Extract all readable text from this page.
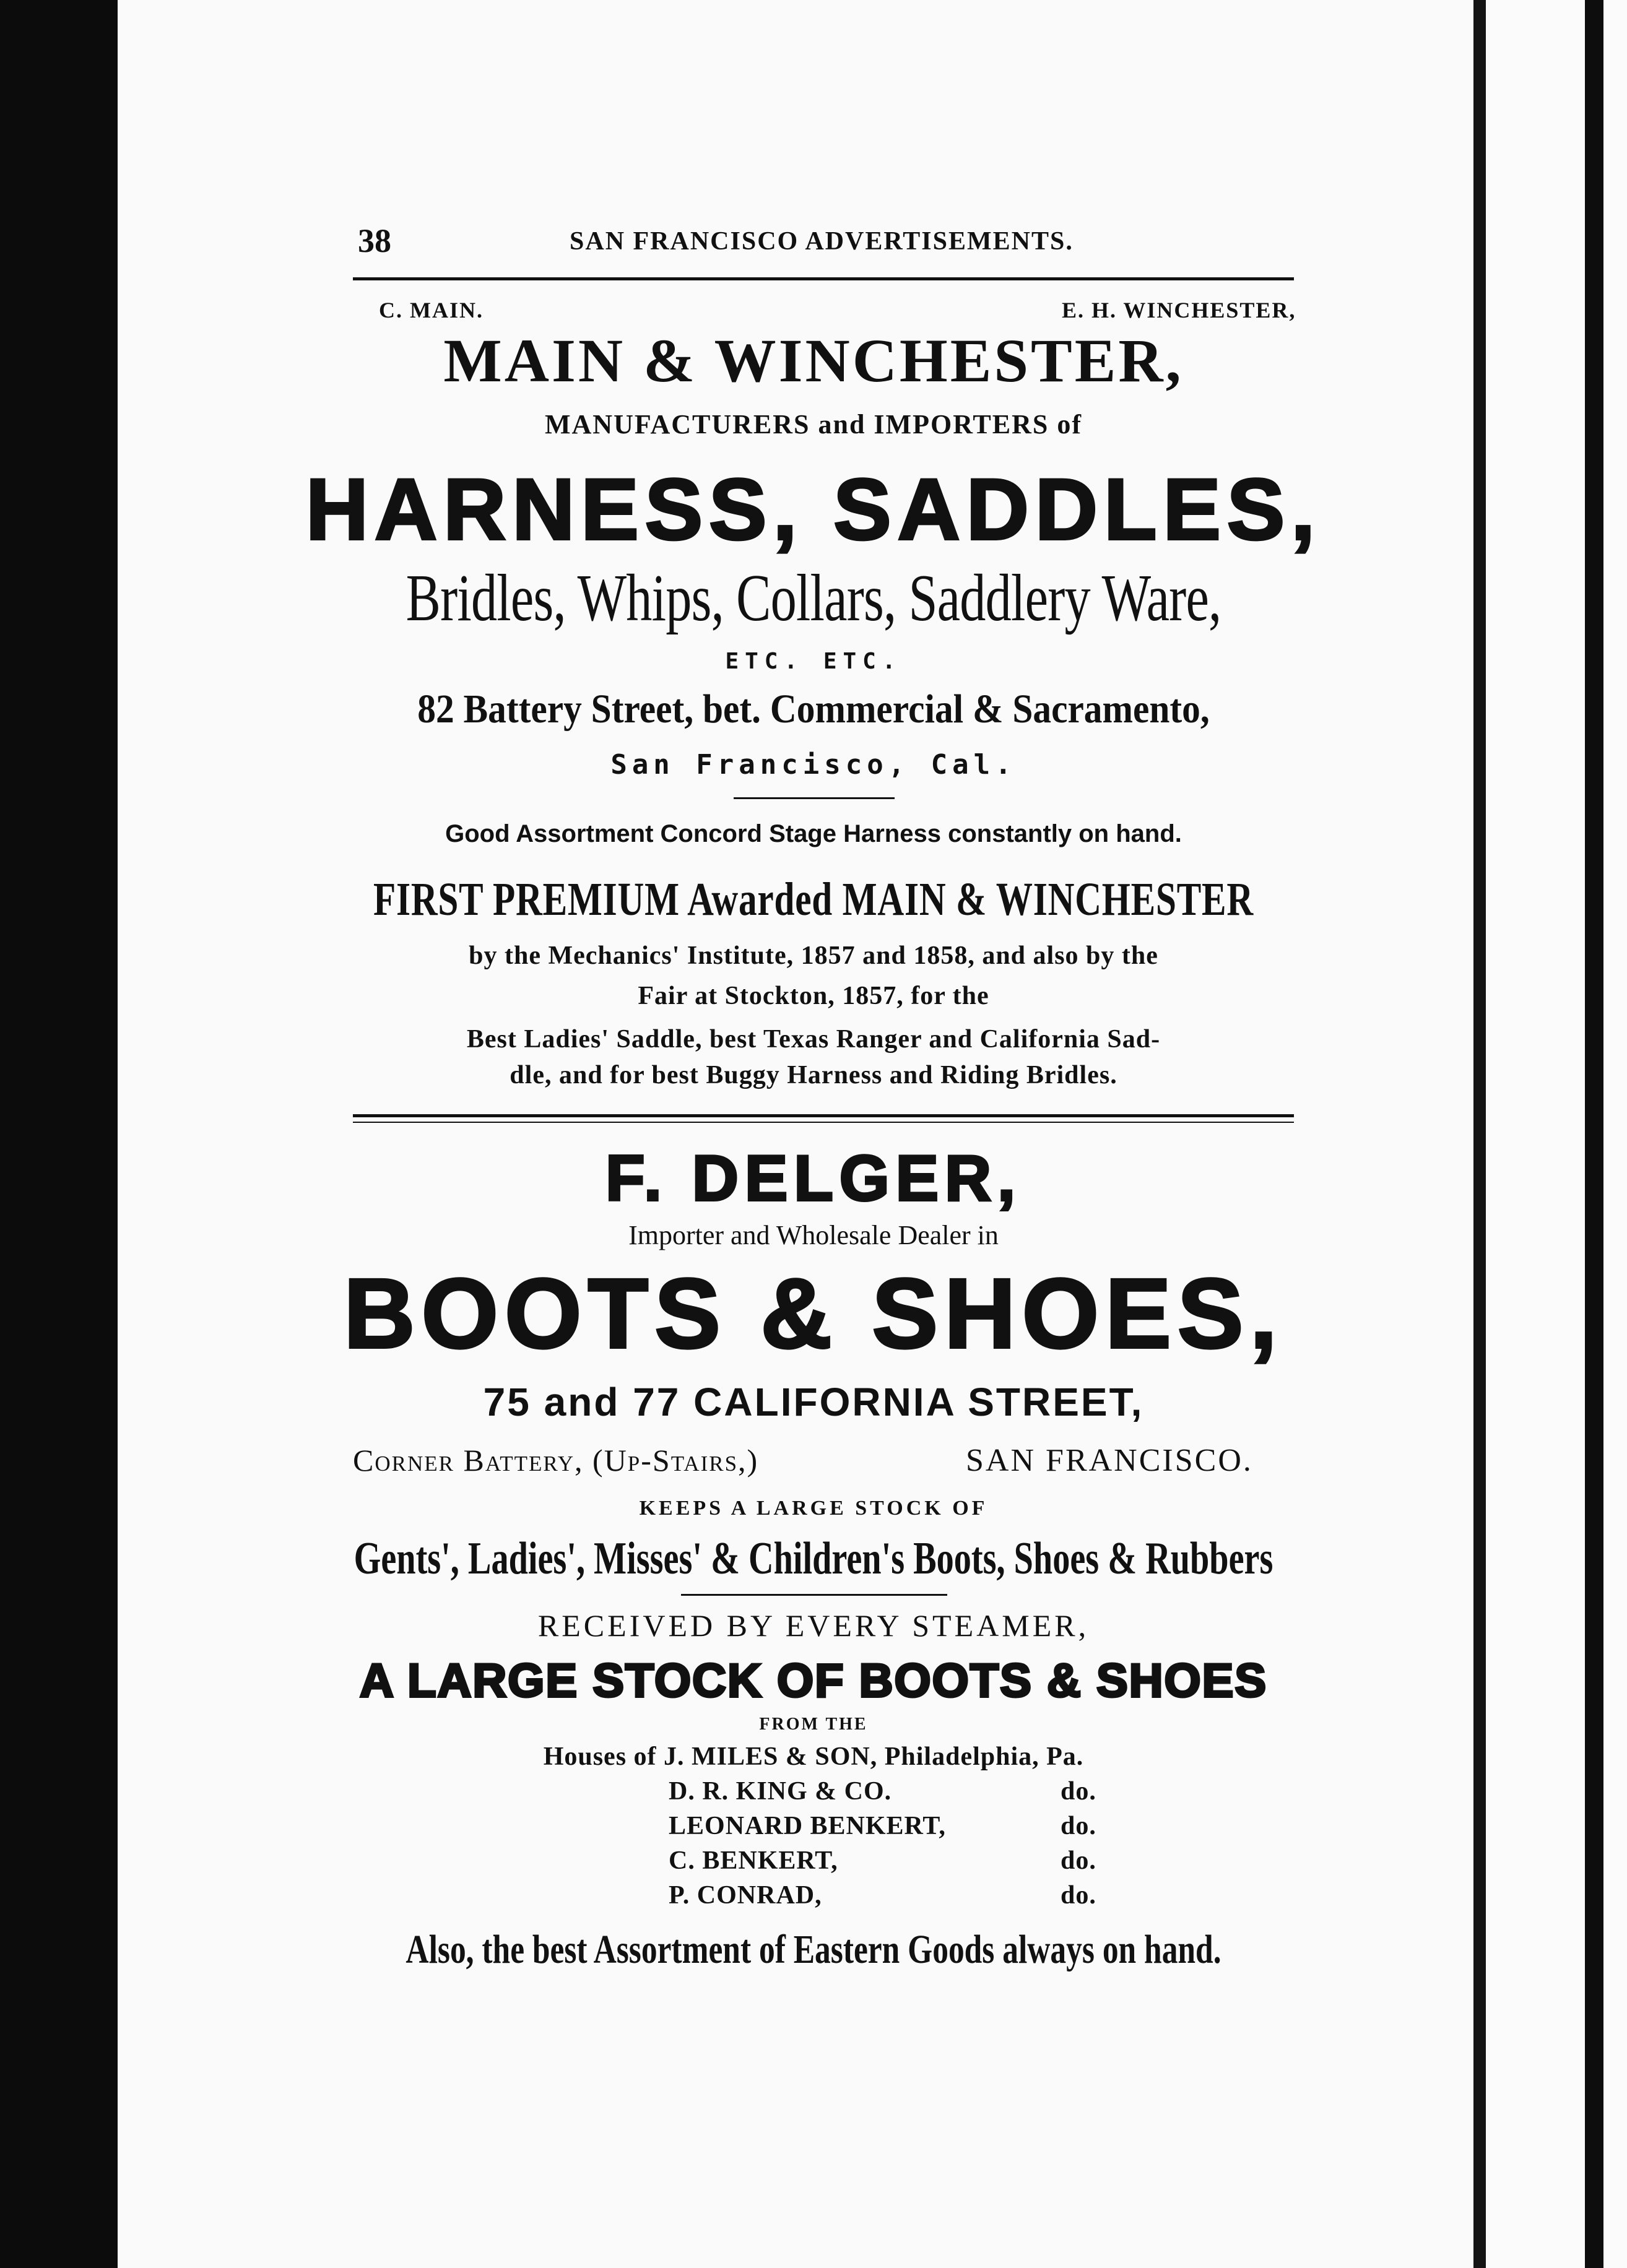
38	SAN FRANCISCO ADVERTISEMENTS.
C. MAIN.	E. H. WINCHESTER,
MAIN & WINCHESTER,
MANUFACTURERS and IMPORTERS of
HARNESS, SADDLES,
Bridles, Whips, Collars, Saddlery Ware,
ETC. ETC.
82 Battery Street, bet. Commercial & Sacramento,
San Francisco, Cal.
Good Assortment Concord Stage Harness constantly on hand.
FIRST PREMIUM Awarded MAIN & WINCHESTER
by the Mechanics' Institute, 1857 and 1858, and also by the
Fair at Stockton, 1857, for the
Best Ladies' Saddle, best Texas Ranger and California Sad-
dle, and for best Buggy Harness and Riding Bridles.
F. DELGER,
Importer and Wholesale Dealer in
BOOTS & SHOES,
75 and 77 CALIFORNIA STREET,
Corner Battery, (Up-Stairs,)	SAN FRANCISCO.
KEEPS A LARGE STOCK OF
Gents', Ladies', Misses' & Children's Boots, Shoes & Rubbers
RECEIVED BY EVERY STEAMER,
A LARGE STOCK OF BOOTS & SHOES
FROM THE
Houses of J. MILES & SON, Philadelphia, Pa.
D. R. KING & CO.	do.
LEONARD BENKERT,	do.
C. BENKERT,	do.
P. CONRAD,	do.
Also, the best Assortment of Eastern Goods always on hand.
